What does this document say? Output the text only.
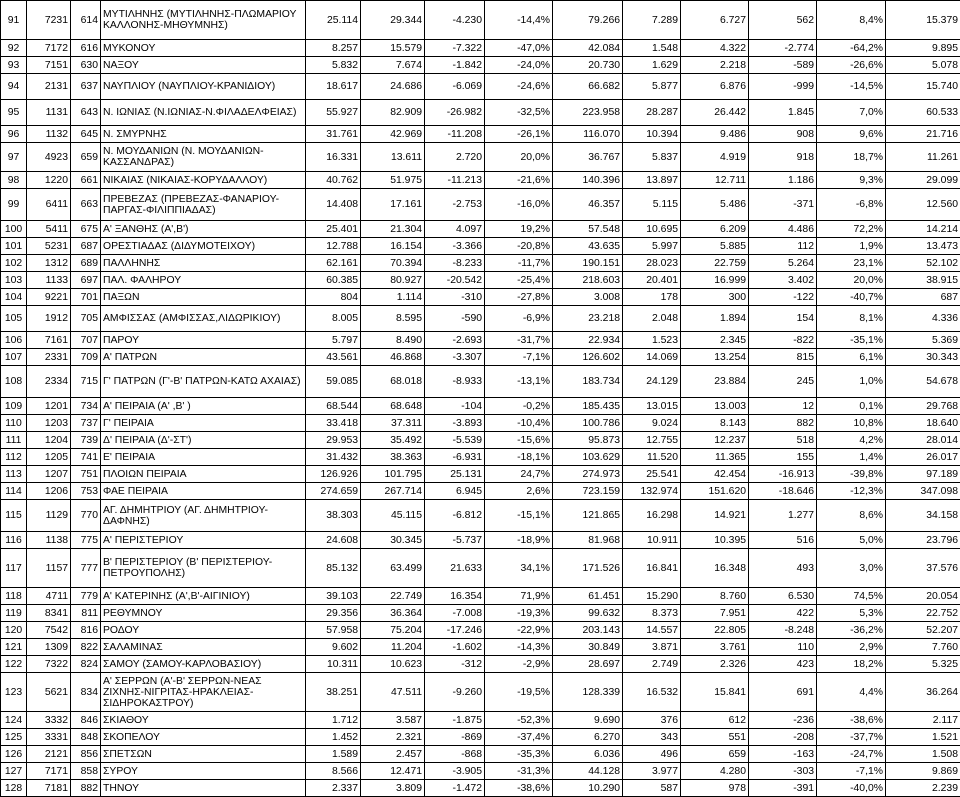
91	7231	614	ΜΥΤΙΛΗΝΗΣ (ΜΥΤΙΛΗΝΗΣ-ΠΛΩΜΑΡΙΟΥ ΚΑΛΛΟΝΗΣ-ΜΗΘΥΜΝΗΣ)	25.114	29.344	-4.230	-14,4%	79.266	7.289	6.727	562	8,4%	15.379
92	7172	616	ΜΥΚΟΝΟΥ	8.257	15.579	-7.322	-47,0%	42.084	1.548	4.322	-2.774	-64,2%	9.895
93	7151	630	ΝΑΞΟΥ	5.832	7.674	-1.842	-24,0%	20.730	1.629	2.218	-589	-26,6%	5.078
94	2131	637	ΝΑΥΠΛΙΟΥ (ΝΑΥΠΛΙΟΥ-ΚΡΑΝΙΔΙΟΥ)	18.617	24.686	-6.069	-24,6%	66.682	5.877	6.876	-999	-14,5%	15.740
95	1131	643	Ν. ΙΩΝΙΑΣ (Ν.ΙΩΝΙΑΣ-Ν.ΦΙΛΑΔΕΛΦΕΙΑΣ)	55.927	82.909	-26.982	-32,5%	223.958	28.287	26.442	1.845	7,0%	60.533
96	1132	645	Ν. ΣΜΥΡΝΗΣ	31.761	42.969	-11.208	-26,1%	116.070	10.394	9.486	908	9,6%	21.716
97	4923	659	Ν. ΜΟΥΔΑΝΙΩΝ (Ν. ΜΟΥΔΑΝΙΩΝ-ΚΑΣΣΑΝΔΡΑΣ)	16.331	13.611	2.720	20,0%	36.767	5.837	4.919	918	18,7%	11.261
98	1220	661	ΝΙΚΑΙΑΣ (ΝΙΚΑΙΑΣ-ΚΟΡΥΔΑΛΛΟΥ)	40.762	51.975	-11.213	-21,6%	140.396	13.897	12.711	1.186	9,3%	29.099
99	6411	663	ΠΡΕΒΕΖΑΣ (ΠΡΕΒΕΖΑΣ-ΦΑΝΑΡΙΟΥ-ΠΑΡΓΑΣ-ΦΙΛΙΠΠΙΑΔΑΣ)	14.408	17.161	-2.753	-16,0%	46.357	5.115	5.486	-371	-6,8%	12.560
100	5411	675	Α' ΞΑΝΘΗΣ (Α',Β')	25.401	21.304	4.097	19,2%	57.548	10.695	6.209	4.486	72,2%	14.214
101	5231	687	ΟΡΕΣΤΙΑΔΑΣ (ΔΙΔΥΜΟΤΕΙΧΟΥ)	12.788	16.154	-3.366	-20,8%	43.635	5.997	5.885	112	1,9%	13.473
102	1312	689	ΠΑΛΛΗΝΗΣ	62.161	70.394	-8.233	-11,7%	190.151	28.023	22.759	5.264	23,1%	52.102
103	1133	697	ΠΑΛ. ΦΑΛΗΡΟΥ	60.385	80.927	-20.542	-25,4%	218.603	20.401	16.999	3.402	20,0%	38.915
104	9221	701	ΠΑΞΩΝ	804	1.114	-310	-27,8%	3.008	178	300	-122	-40,7%	687
105	1912	705	ΑΜΦΙΣΣΑΣ (ΑΜΦΙΣΣΑΣ,ΛΙΔΩΡΙΚΙΟΥ)	8.005	8.595	-590	-6,9%	23.218	2.048	1.894	154	8,1%	4.336
106	7161	707	ΠΑΡΟΥ	5.797	8.490	-2.693	-31,7%	22.934	1.523	2.345	-822	-35,1%	5.369
107	2331	709	Α' ΠΑΤΡΩΝ	43.561	46.868	-3.307	-7,1%	126.602	14.069	13.254	815	6,1%	30.343
108	2334	715	Γ' ΠΑΤΡΩΝ (Γ'-Β' ΠΑΤΡΩΝ-ΚΑΤΩ ΑΧΑΙΑΣ)	59.085	68.018	-8.933	-13,1%	183.734	24.129	23.884	245	1,0%	54.678
109	1201	734	Α' ΠΕΙΡΑΙΑ (Α' ,Β' )	68.544	68.648	-104	-0,2%	185.435	13.015	13.003	12	0,1%	29.768
110	1203	737	Γ' ΠΕΙΡΑΙΑ	33.418	37.311	-3.893	-10,4%	100.786	9.024	8.143	882	10,8%	18.640
111	1204	739	Δ' ΠΕΙΡΑΙΑ (Δ'-ΣΤ')	29.953	35.492	-5.539	-15,6%	95.873	12.755	12.237	518	4,2%	28.014
112	1205	741	Ε' ΠΕΙΡΑΙΑ	31.432	38.363	-6.931	-18,1%	103.629	11.520	11.365	155	1,4%	26.017
113	1207	751	ΠΛΟΙΩΝ ΠΕΙΡΑΙΑ	126.926	101.795	25.131	24,7%	274.973	25.541	42.454	-16.913	-39,8%	97.189
114	1206	753	ΦΑΕ ΠΕΙΡΑΙΑ	274.659	267.714	6.945	2,6%	723.159	132.974	151.620	-18.646	-12,3%	347.098
115	1129	770	ΑΓ. ΔΗΜΗΤΡΙΟΥ (ΑΓ. ΔΗΜΗΤΡΙΟΥ-ΔΑΦΝΗΣ)	38.303	45.115	-6.812	-15,1%	121.865	16.298	14.921	1.277	8,6%	34.158
116	1138	775	Α' ΠΕΡΙΣΤΕΡΙΟΥ	24.608	30.345	-5.737	-18,9%	81.968	10.911	10.395	516	5,0%	23.796
117	1157	777	Β' ΠΕΡΙΣΤΕΡΙΟΥ (Β' ΠΕΡΙΣΤΕΡΙΟΥ-ΠΕΤΡΟΥΠΟΛΗΣ)	85.132	63.499	21.633	34,1%	171.526	16.841	16.348	493	3,0%	37.576
118	4711	779	Α' ΚΑΤΕΡΙΝΗΣ (Α',Β'-ΑΙΓΙΝΙΟΥ)	39.103	22.749	16.354	71,9%	61.451	15.290	8.760	6.530	74,5%	20.054
119	8341	811	ΡΕΘΥΜΝΟΥ	29.356	36.364	-7.008	-19,3%	99.632	8.373	7.951	422	5,3%	22.752
120	7542	816	ΡΟΔΟΥ	57.958	75.204	-17.246	-22,9%	203.143	14.557	22.805	-8.248	-36,2%	52.207
121	1309	822	ΣΑΛΑΜΙΝΑΣ	9.602	11.204	-1.602	-14,3%	30.849	3.871	3.761	110	2,9%	7.760
122	7322	824	ΣΑΜΟΥ (ΣΑΜΟΥ-ΚΑΡΛΟΒΑΣΙΟΥ)	10.311	10.623	-312	-2,9%	28.697	2.749	2.326	423	18,2%	5.325
123	5621	834	Α' ΣΕΡΡΩΝ (Α'-Β' ΣΕΡΡΩΝ-ΝΕΑΣ ΖΙΧΝΗΣ-ΝΙΓΡΙΤΑΣ-ΗΡΑΚΛΕΙΑΣ-ΣΙΔΗΡΟΚΑΣΤΡΟΥ)	38.251	47.511	-9.260	-19,5%	128.339	16.532	15.841	691	4,4%	36.264
124	3332	846	ΣΚΙΑΘΟΥ	1.712	3.587	-1.875	-52,3%	9.690	376	612	-236	-38,6%	2.117
125	3331	848	ΣΚΟΠΕΛΟΥ	1.452	2.321	-869	-37,4%	6.270	343	551	-208	-37,7%	1.521
126	2121	856	ΣΠΕΤΣΩΝ	1.589	2.457	-868	-35,3%	6.036	496	659	-163	-24,7%	1.508
127	7171	858	ΣΥΡΟΥ	8.566	12.471	-3.905	-31,3%	44.128	3.977	4.280	-303	-7,1%	9.869
128	7181	882	ΤΗΝΟΥ	2.337	3.809	-1.472	-38,6%	10.290	587	978	-391	-40,0%	2.239
